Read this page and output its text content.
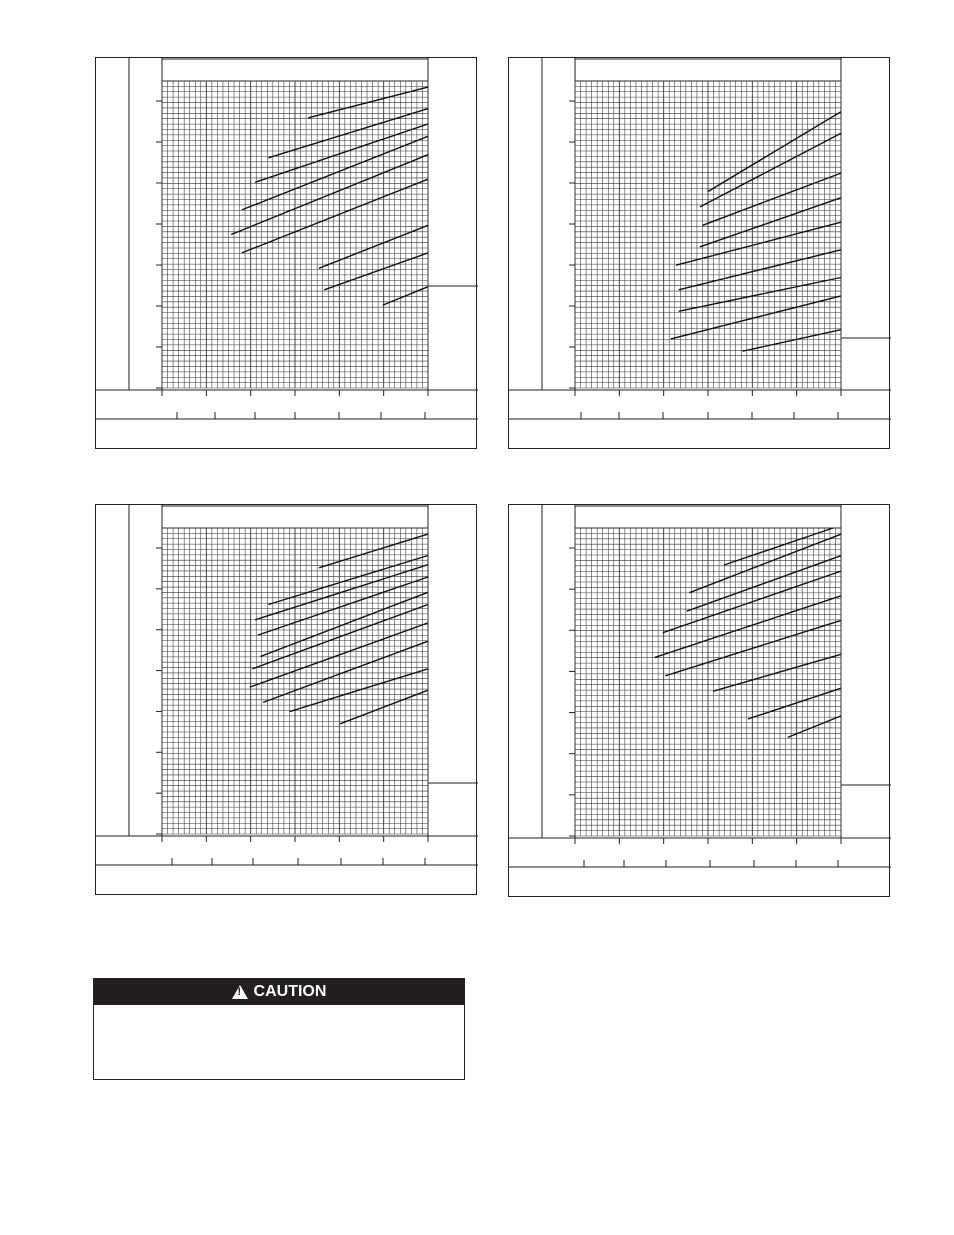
!
CAUTION
